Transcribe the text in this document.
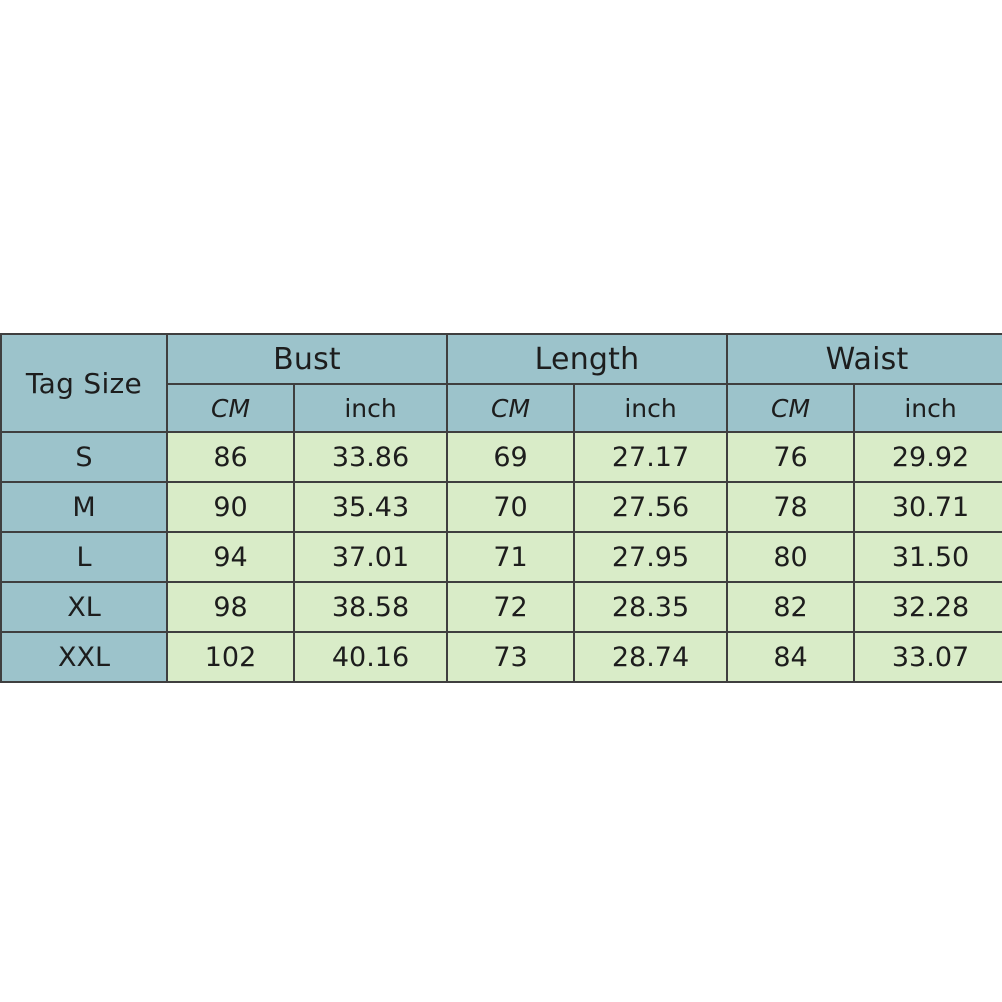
Tag Size	Bust		Length		Waist	
	CM	inch	CM	inch	CM	inch
S	86	33.86	69	27.17	76	29.92
M	90	35.43	70	27.56	78	30.71
L	94	37.01	71	27.95	80	31.50
XL	98	38.58	72	28.35	82	32.28
XXL	102	40.16	73	28.74	84	33.07
